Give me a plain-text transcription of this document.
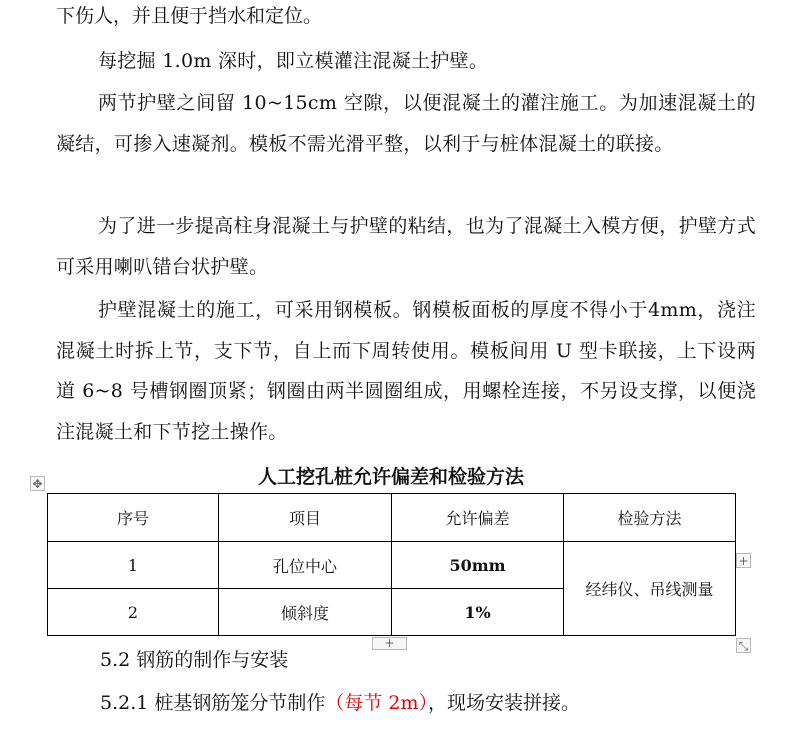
下伤人，并且便于挡水和定位。
每挖掘 1.0m 深时，即立模灌注混凝土护壁。
两节护壁之间留 10~15cm 空隙，以便混凝土的灌注施工。为加速混凝土的凝结，可掺入速凝剂。模板不需光滑平整，以利于与桩体混凝土的联接。
为了进一步提高柱身混凝土与护壁的粘结，也为了混凝土入模方便，护壁方式可采用喇叭错台状护壁。
护壁混凝土的施工，可采用钢模板。钢模板面板的厚度不得小于4mm，浇注混凝土时拆上节，支下节，自上而下周转使用。模板间用 U 型卡联接，上下设两道 6~8 号槽钢圈顶紧；钢圈由两半圆圈组成，用螺栓连接，不另设支撑，以便浇注混凝土和下节挖土操作。
✥	人工挖孔桩允许偏差和检验方法
序号	项目	允许偏差	检验方法
1	孔位中心	50mm	经纬仪、吊线测量
2	倾斜度	1%	
+
+	⤡
5.2 钢筋的制作与安装
5.2.1 桩基钢筋笼分节制作（每节 2m），现场安装拼接。
